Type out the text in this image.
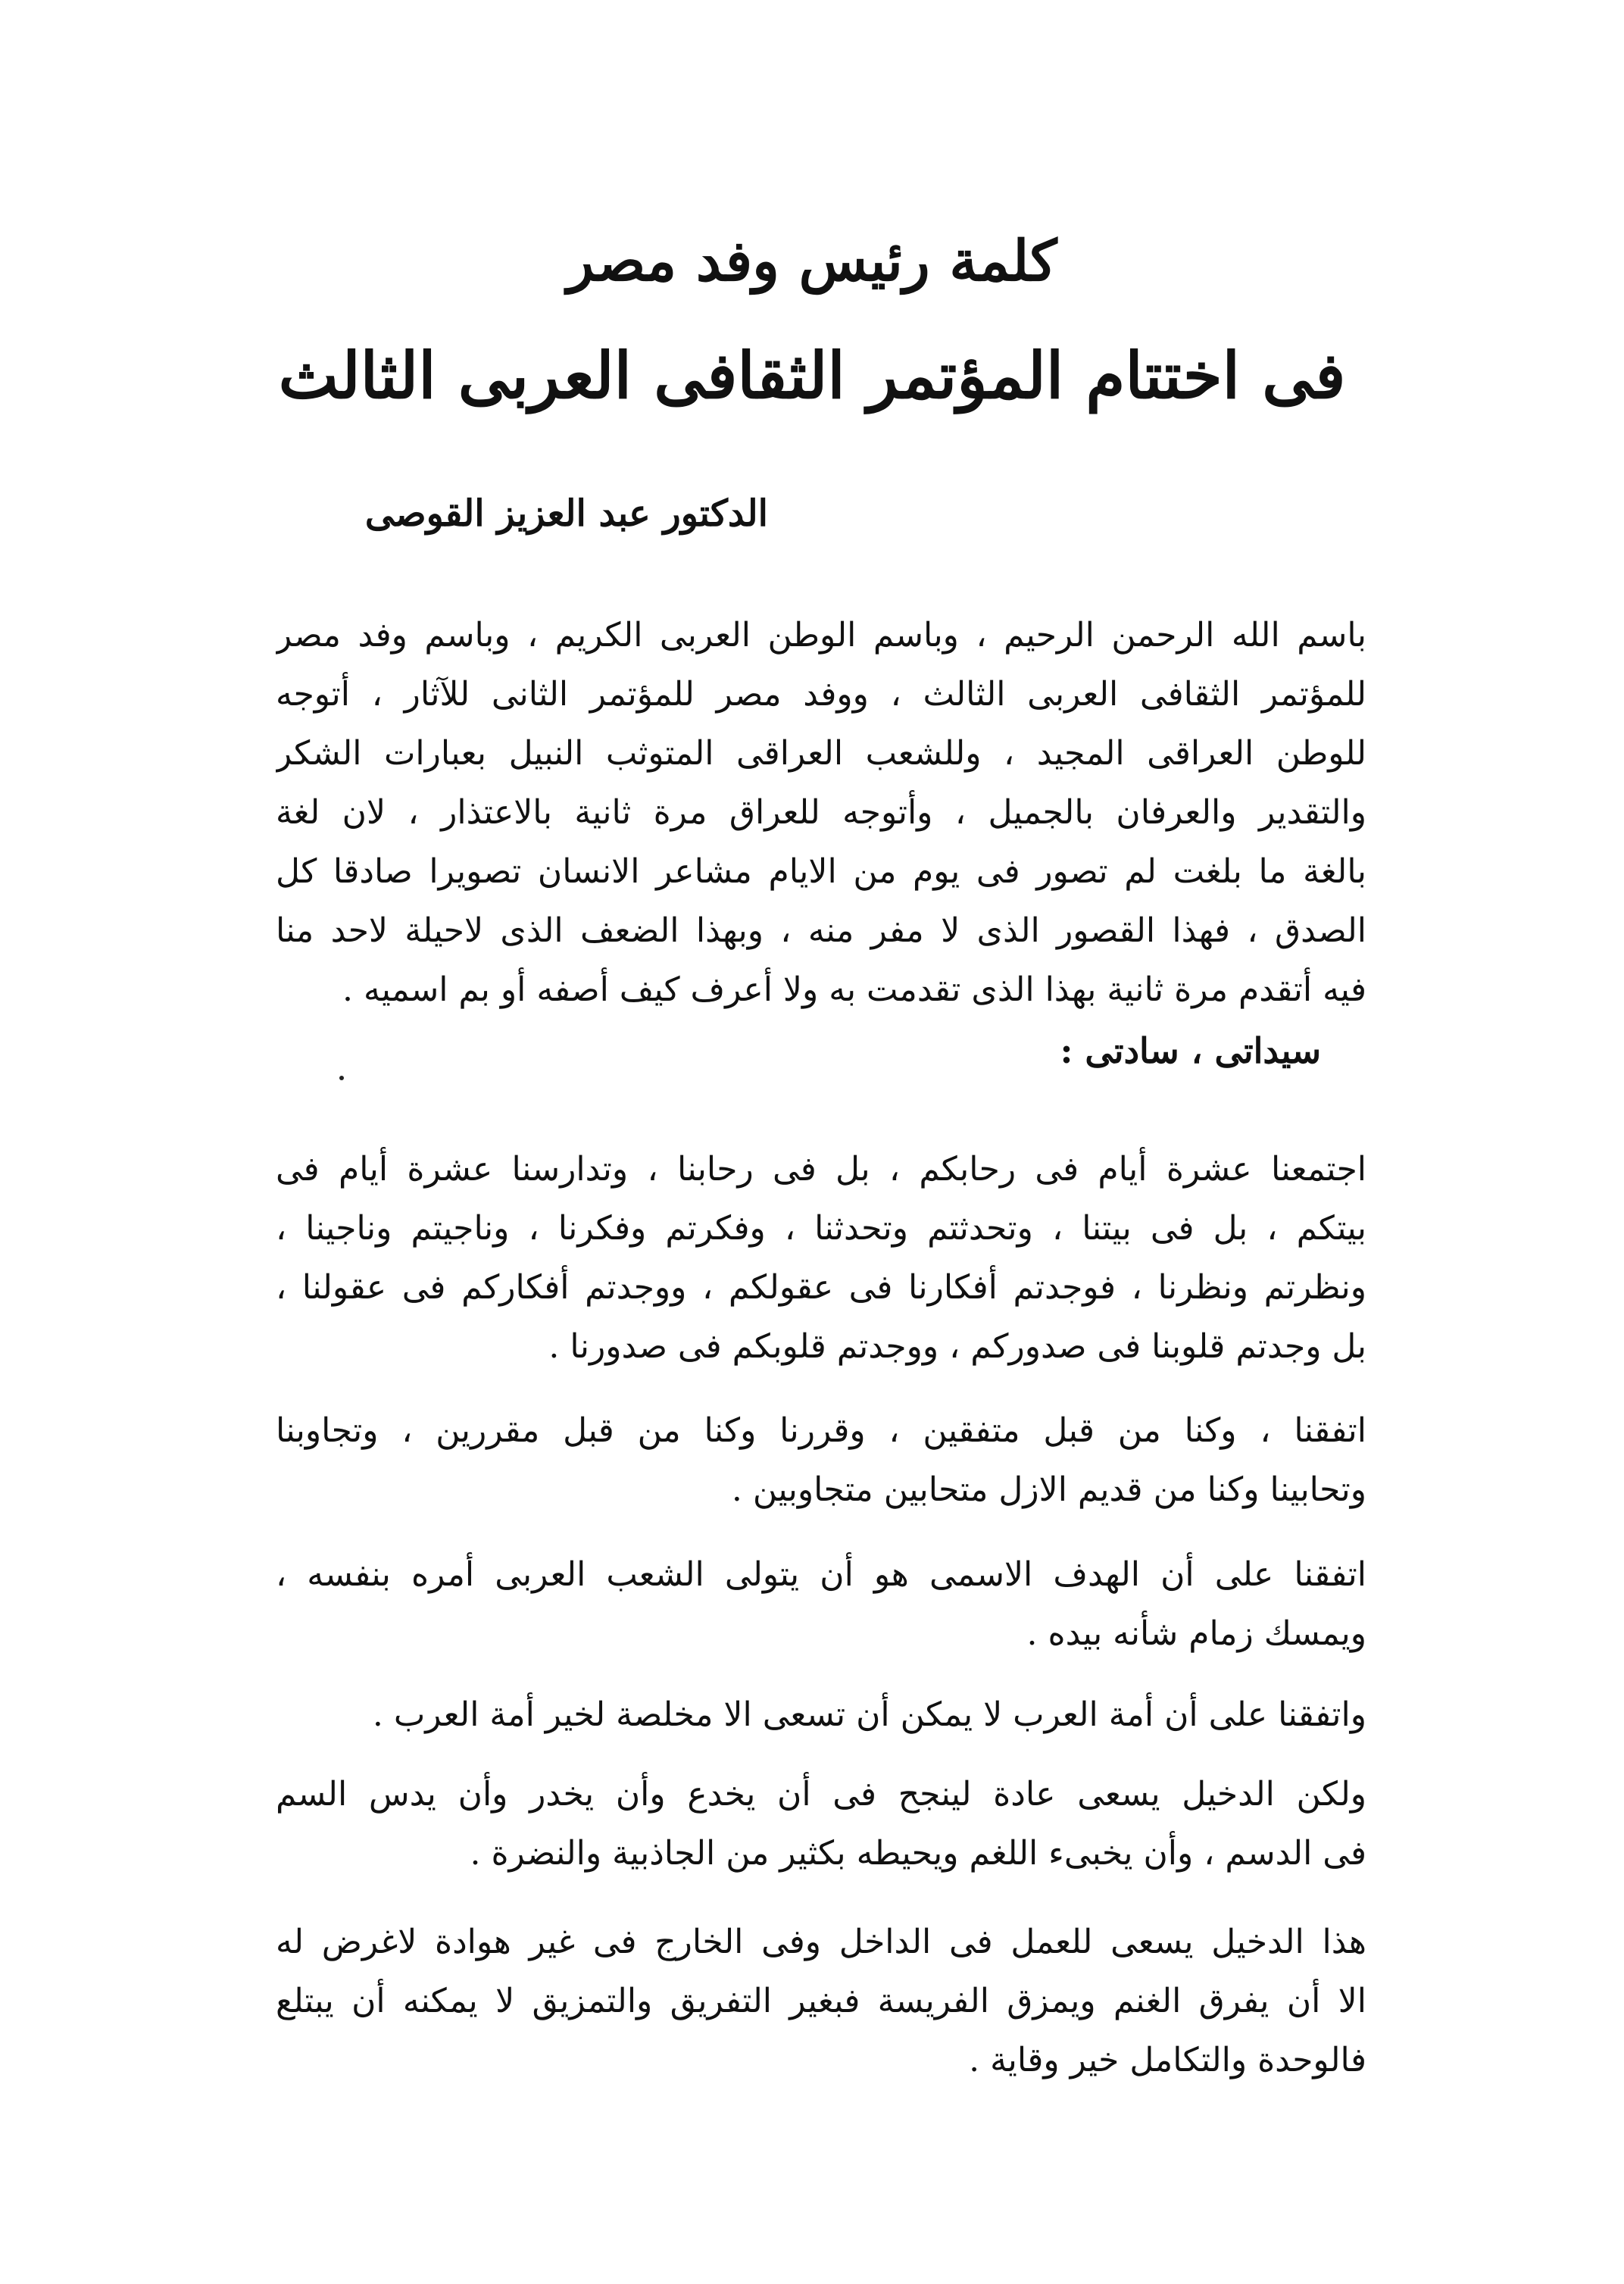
كلمة رئيس وفد مصر
فى اختتام المؤتمر الثقافى العربى الثالث
الدكتور عبد العزيز القوصى
باسم الله الرحمن الرحيم ، وباسم الوطن العربى الكريم ، وباسم وفد مصر
للمؤتمر الثقافى العربى الثالث ، ووفد مصر للمؤتمر الثانى للآثار ، أتوجه
للوطن العراقى المجيد ، وللشعب العراقى المتوثب النبيل بعبارات الشكر
والتقدير والعرفان بالجميل ، وأتوجه للعراق مرة ثانية بالاعتذار ، لان لغة
بالغة ما بلغت لم تصور فى يوم من الايام مشاعر الانسان تصويرا صادقا كل
الصدق ، فهذا القصور الذى لا مفر منه ، وبهذا الضعف الذى لاحيلة لاحد منا
فيه أتقدم مرة ثانية بهذا الذى تقدمت به ولا أعرف كيف أصفه أو بم اسميه .
سيداتى ، سادتى :
اجتمعنا عشرة أيام فى رحابكم ، بل فى رحابنا ، وتدارسنا عشرة أيام فى
بيتكم ، بل فى بيتنا ، وتحدثتم وتحدثنا ، وفكرتم وفكرنا ، وناجيتم وناجينا ،
ونظرتم ونظرنا ، فوجدتم أفكارنا فى عقولكم ، ووجدتم أفكاركم فى عقولنا ،
بل وجدتم قلوبنا فى صدوركم ، ووجدتم قلوبكم فى صدورنا .
اتفقنا ، وكنا من قبل متفقين ، وقررنا وكنا من قبل مقررين ، وتجاوبنا
وتحابينا وكنا من قديم الازل متحابين متجاوبين .
اتفقنا على أن الهدف الاسمى هو أن يتولى الشعب العربى أمره بنفسه ،
ويمسك زمام شأنه بيده .
واتفقنا على أن أمة العرب لا يمكن أن تسعى الا مخلصة لخير أمة العرب .
ولكن الدخيل يسعى عادة لينجح فى أن يخدع وأن يخدر وأن يدس السم
فى الدسم ، وأن يخبىء اللغم ويحيطه بكثير من الجاذبية والنضرة .
هذا الدخيل يسعى للعمل فى الداخل وفى الخارج فى غير هوادة لاغرض له
الا أن يفرق الغنم ويمزق الفريسة فبغير التفريق والتمزيق لا يمكنه أن يبتلع
فالوحدة والتكامل خير وقاية .
